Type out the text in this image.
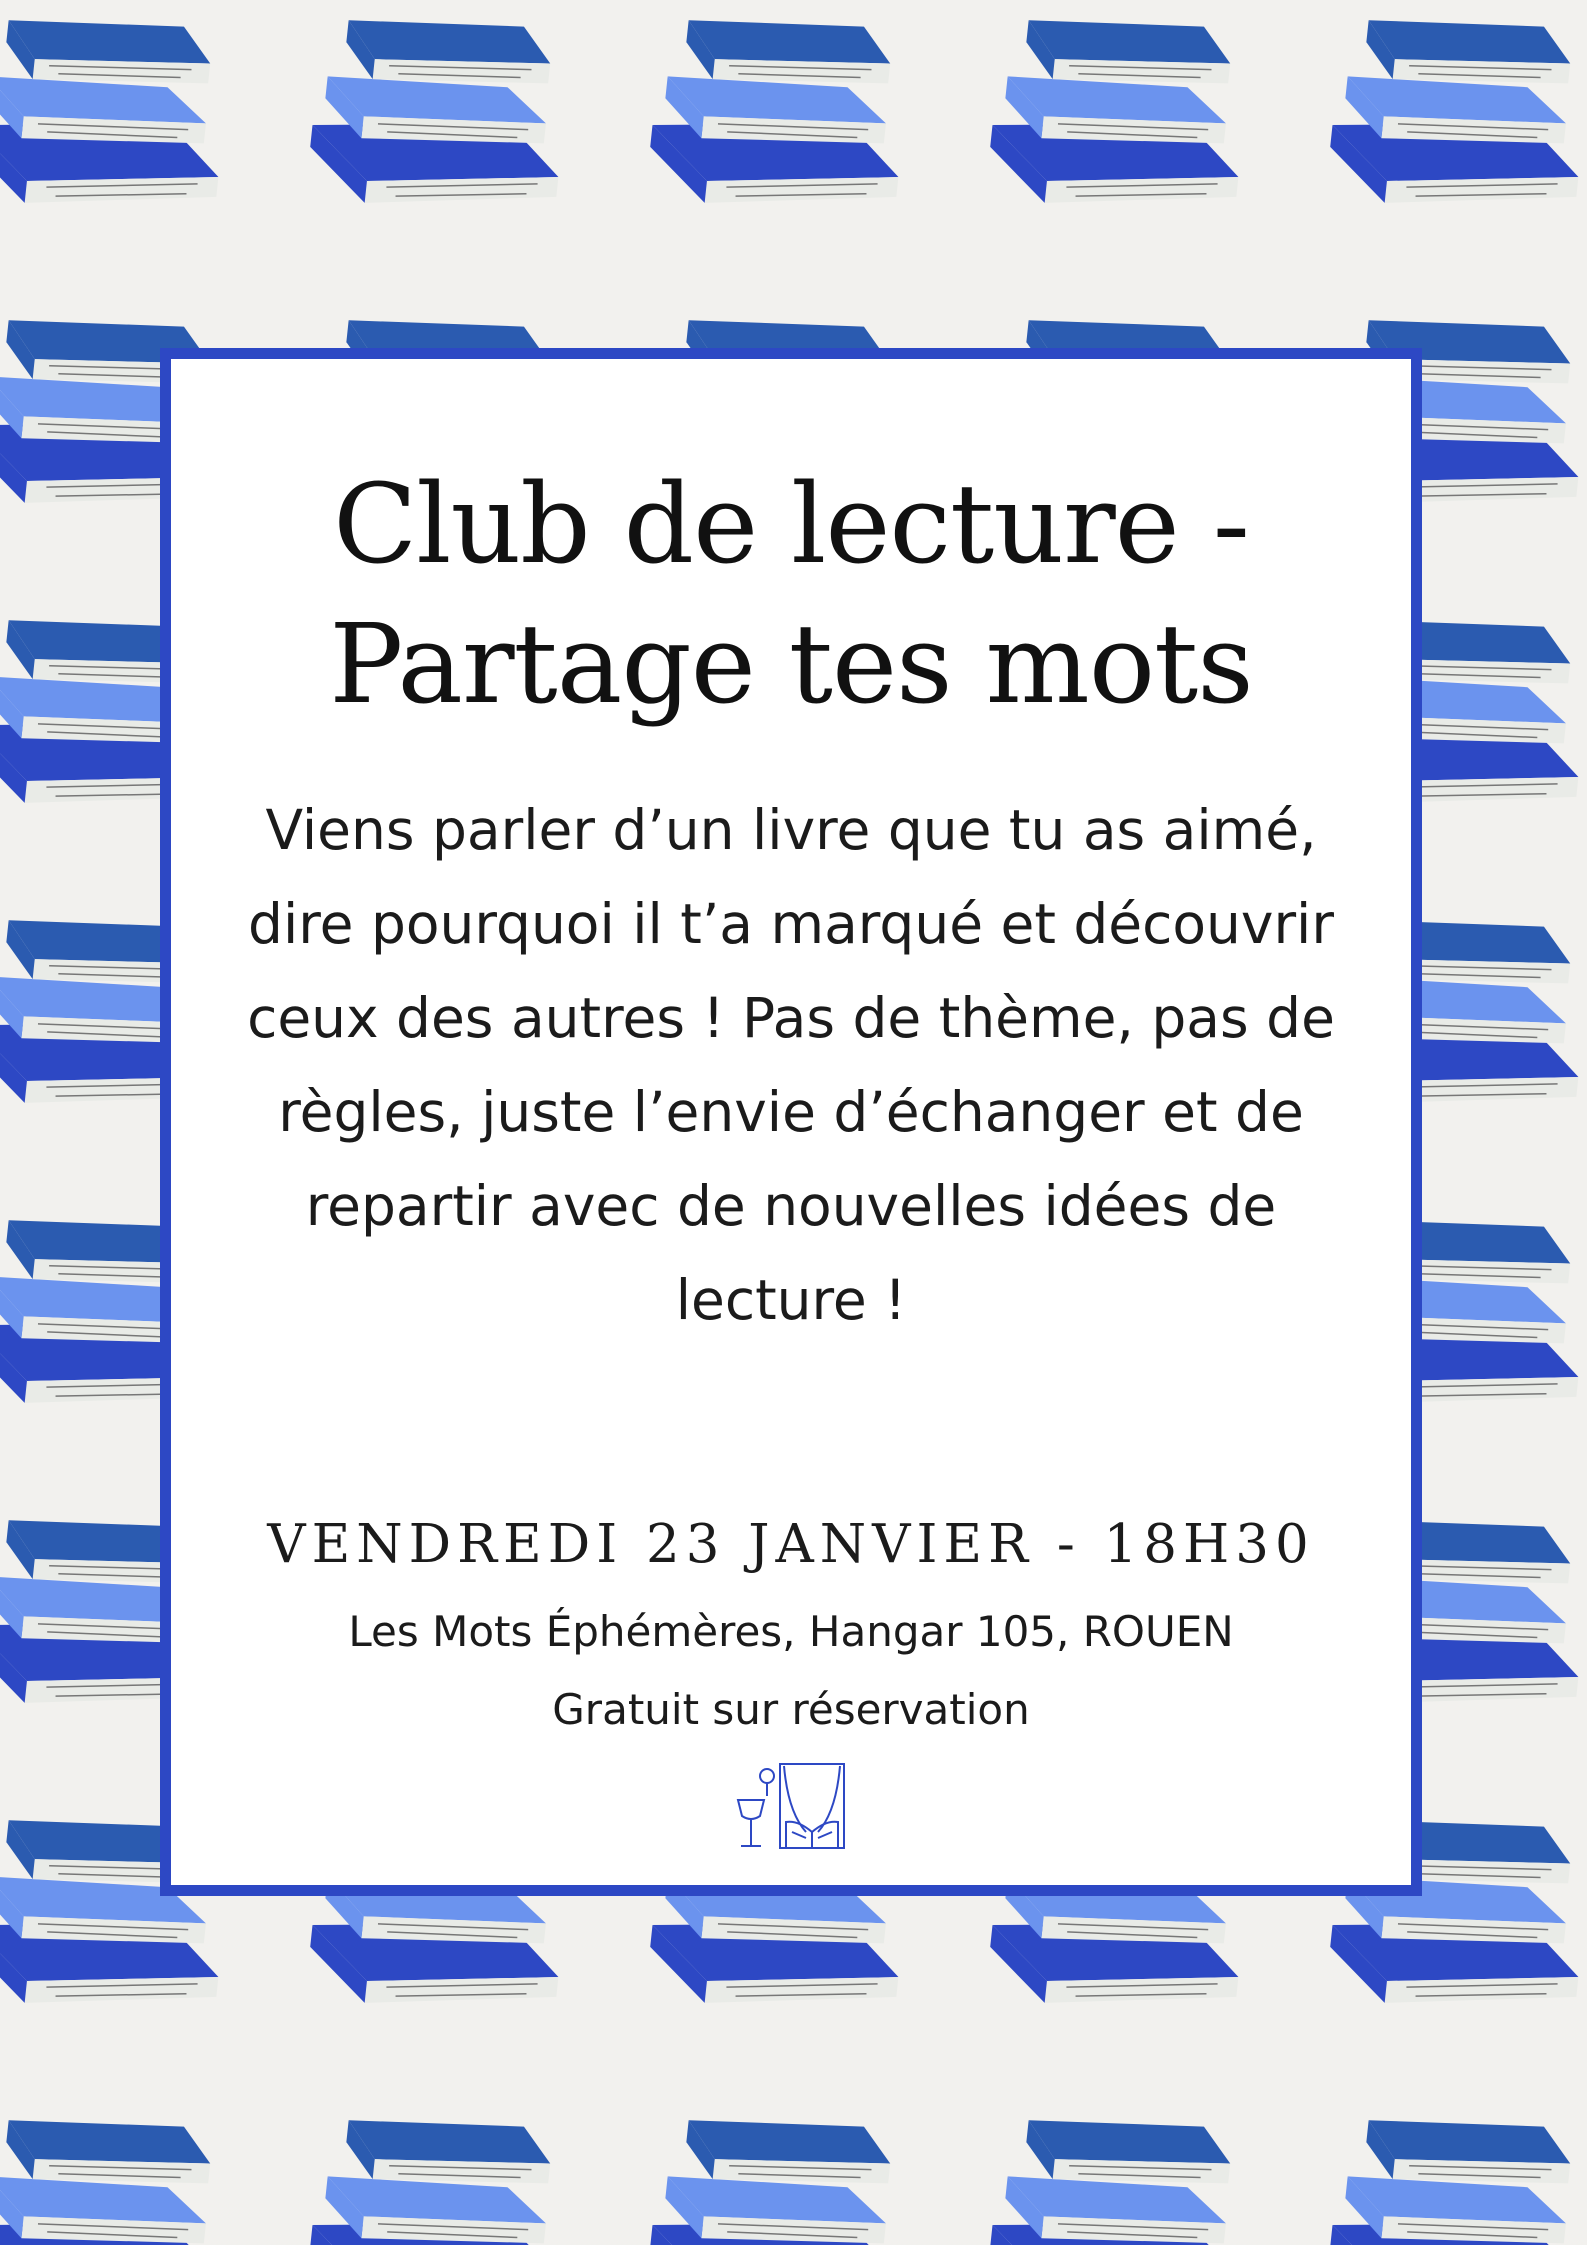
Club de lecture -
Partage tes mots

Viens parler d’un livre que tu as aimé, dire pourquoi il t’a marqué et découvrir ceux des autres ! Pas de thème, pas de règles, juste l’envie d’échanger et de repartir avec de nouvelles idées de lecture !

VENDREDI 23 JANVIER - 18H30
Les Mots Éphémères, Hangar 105, ROUEN
Gratuit sur réservation
